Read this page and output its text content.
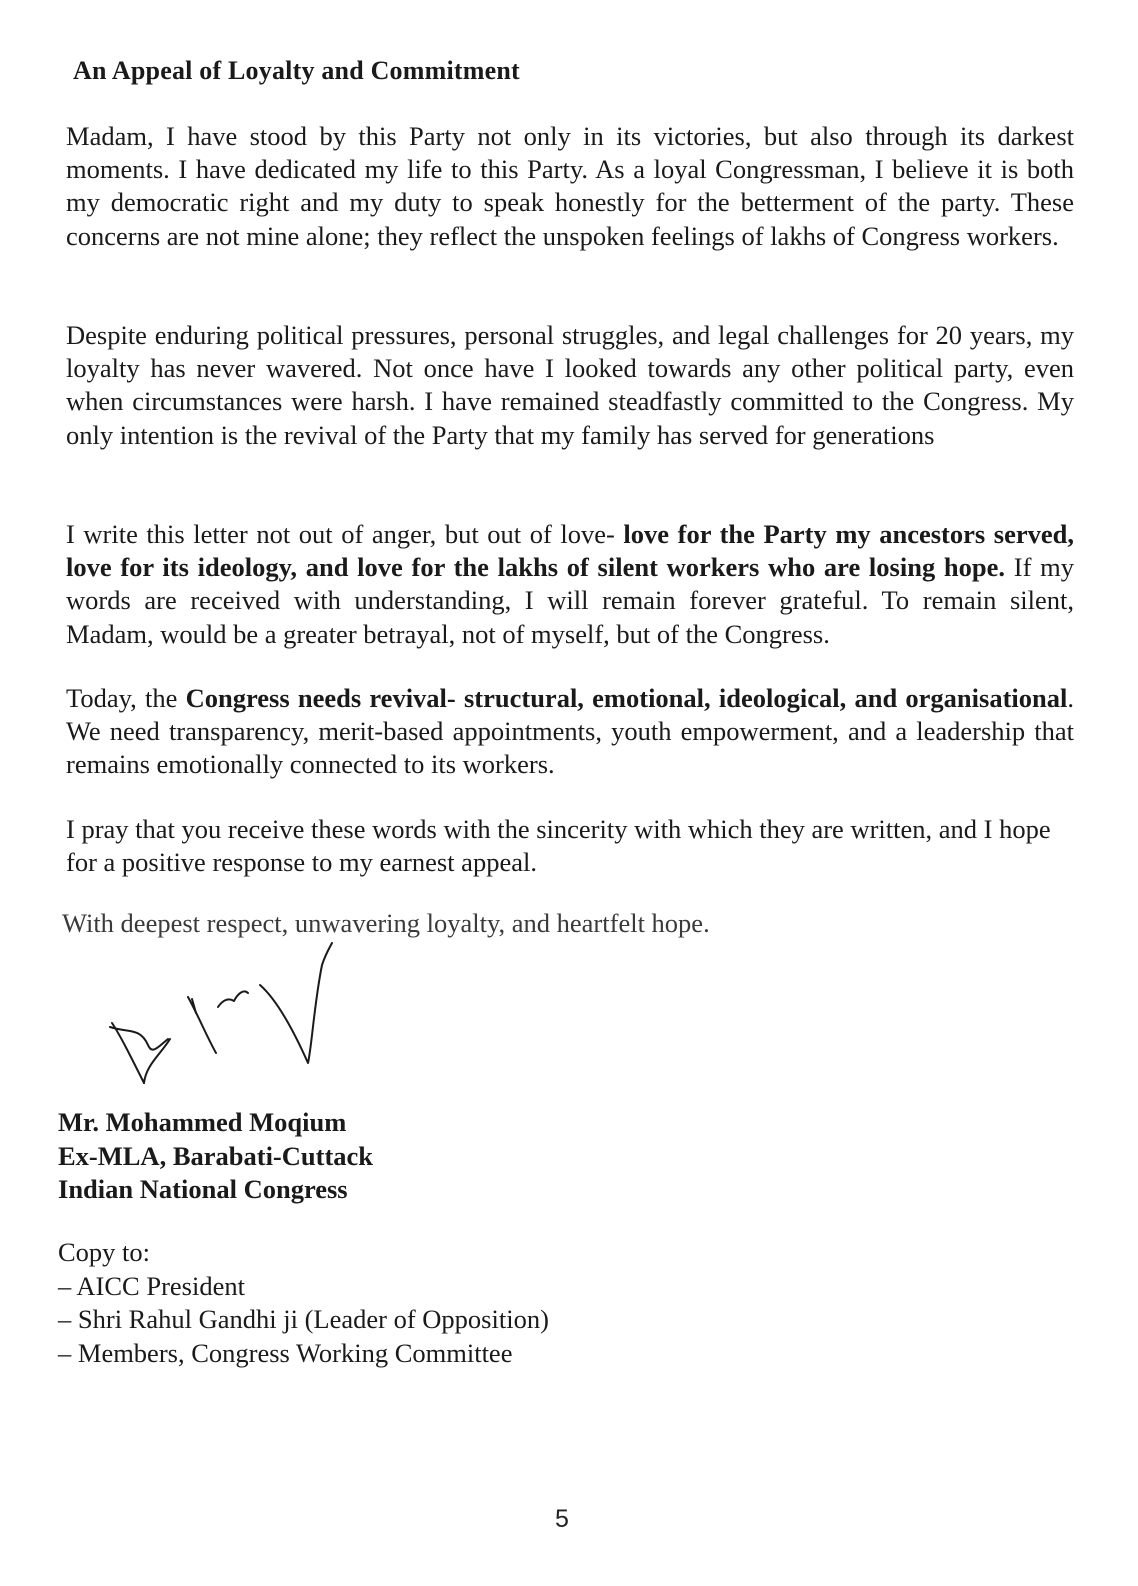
An Appeal of Loyalty and Commitment

Madam, I have stood by this Party not only in its victories, but also through its darkest moments. I have dedicated my life to this Party. As a loyal Congressman, I believe it is both my democratic right and my duty to speak honestly for the betterment of the party. These concerns are not mine alone; they reflect the unspoken feelings of lakhs of Congress workers.

Despite enduring political pressures, personal struggles, and legal challenges for 20 years, my loyalty has never wavered. Not once have I looked towards any other political party, even when circumstances were harsh. I have remained steadfastly committed to the Congress. My only intention is the revival of the Party that my family has served for generations

I write this letter not out of anger, but out of love- love for the Party my ancestors served, love for its ideology, and love for the lakhs of silent workers who are losing hope. If my words are received with understanding, I will remain forever grateful. To remain silent, Madam, would be a greater betrayal, not of myself, but of the Congress.

Today, the Congress needs revival- structural, emotional, ideological, and organisational. We need transparency, merit-based appointments, youth empowerment, and a leadership that remains emotionally connected to its workers.

I pray that you receive these words with the sincerity with which they are written, and I hope for a positive response to my earnest appeal.

With deepest respect, unwavering loyalty, and heartfelt hope.
Mr. Mohammed Moqium
Ex-MLA, Barabati-Cuttack
Indian National Congress
Copy to:
– AICC President
– Shri Rahul Gandhi ji (Leader of Opposition)
– Members, Congress Working Committee
5
